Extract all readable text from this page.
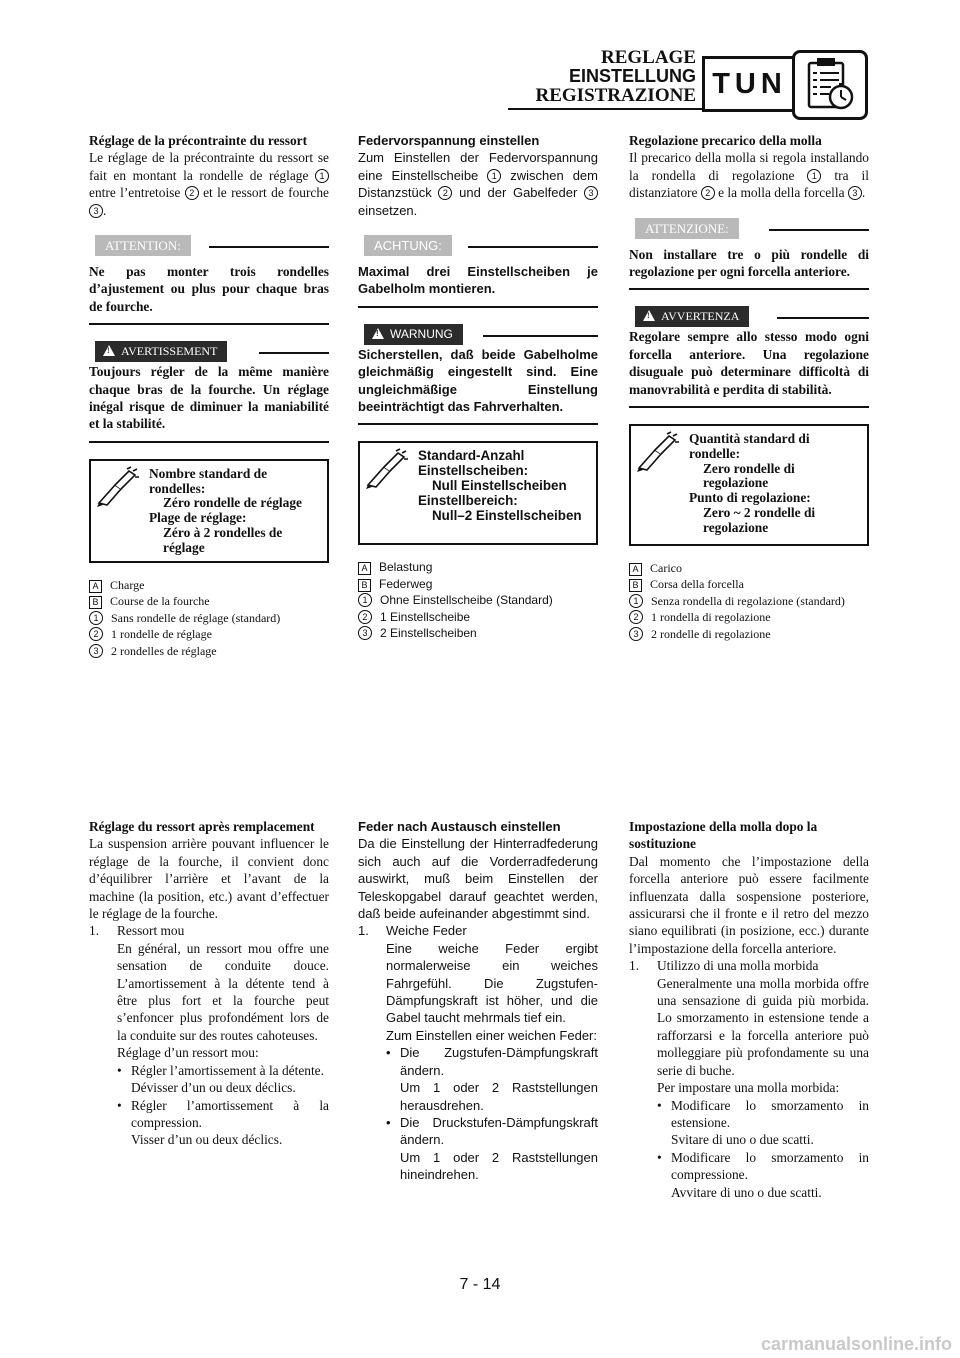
REGLAGE
EINSTELLUNG
REGISTRAZIONE TUN

Réglage de la précontrainte du ressort

Le réglage de la précontrainte du ressort se fait en montant la rondelle de réglage 1 entre l’entretoise 2 et le ressort de fourche 3 .

ATTENTION:

Ne pas monter trois rondelles d’ajustement ou plus pour chaque bras de fourche.

!AVERTISSEMENT

Toujours régler de la même manière chaque bras de la fourche. Un réglage inégal risque de diminuer la maniabilité et la stabilité.

Nombre standard de rondelles:
Zéro rondelle de réglage
Plage de réglage:
Zéro à 2 rondelles de réglage
A Charge
B Course de la fourche
1 Sans rondelle de réglage (standard)
2 1 rondelle de réglage
3 2 rondelles de réglage

Federvorspannung einstellen

Zum Einstellen der Federvorspannung eine Einstellscheibe 1 zwischen dem Distanzstück 2 und der Gabelfeder 3 einsetzen.

ACHTUNG:

Maximal drei Einstellscheiben je Gabelholm montieren.

!WARNUNG

Sicherstellen, daß beide Gabelholme gleichmäßig eingestellt sind. Eine ungleichmäßige Einstellung beeinträchtigt das Fahrverhalten.

Standard-Anzahl Einstellscheiben:
Null Einstellscheiben
Einstellbereich:
Null–2 Einstellscheiben
A Belastung
B Federweg
1 Ohne Einstellscheibe (Standard)
2 1 Einstellscheibe
3 2 Einstellscheiben

Regolazione precarico della molla

Il precarico della molla si regola installando la rondella di regolazione 1 tra il distanziatore 2 e la molla della forcella 3 .

ATTENZIONE:

Non installare tre o più rondelle di regolazione per ogni forcella anteriore.

!AVVERTENZA

Regolare sempre allo stesso modo ogni forcella anteriore. Una regolazione disuguale può determinare difficoltà di manovrabilità e perdita di stabilità.

Quantità standard di rondelle:
Zero rondelle di regolazione
Punto di regolazione:
Zero ~ 2 rondelle di regolazione
A Carico
B Corsa della forcella
1 Senza rondella di regolazione (standard)
2 1 rondella di regolazione
3 2 rondelle di regolazione

Réglage du ressort après remplacement

La suspension arrière pouvant influencer le réglage de la fourche, il convient donc d’équilibrer l’arrière et l’avant de la machine (la position, etc.) avant d’effectuer le réglage de la fourche.

1.	Ressort mou

En général, un ressort mou offre une sensation de conduite douce. L’amortissement à la détente tend à être plus fort et la fourche peut s’enfoncer plus profondément lors de la conduite sur des routes cahoteuses.

Réglage d’un ressort mou:

• Régler l’amortissement à la détente.
Dévisser d’un ou deux déclics.
• Régler l’amortissement à la compression.
Visser d’un ou deux déclics.

Feder nach Austausch einstellen

Da die Einstellung der Hinterradfederung sich auch auf die Vorderradfederung auswirkt, muß beim Einstellen der Teleskopgabel darauf geachtet werden, daß beide aufeinander abgestimmt sind.

1.	Weiche Feder

Eine weiche Feder ergibt normalerweise ein weiches Fahrgefühl. Die Zugstufen-Dämpfungskraft ist höher, und die Gabel taucht mehrmals tief ein.

Zum Einstellen einer weichen Feder:

• Die Zugstufen-Dämpfungskraft ändern.
Um 1 oder 2 Raststellungen herausdrehen.
• Die Druckstufen-Dämpfungskraft ändern.
Um 1 oder 2 Raststellungen hineindrehen.

Impostazione della molla dopo la sostituzione

Dal momento che l’impostazione della forcella anteriore può essere facilmente influenzata dalla sospensione posteriore, assicurarsi che il fronte e il retro del mezzo siano equilibrati (in posizione, ecc.) durante l’impostazione della forcella anteriore.

1.	Utilizzo di una molla morbida

Generalmente una molla morbida offre una sensazione di guida più morbida. Lo smorzamento in estensione tende a rafforzarsi e la forcella anteriore può molleggiare più profondamente su una serie di buche.

Per impostare una molla morbida:

• Modificare lo smorzamento in estensione.
Svitare di uno o due scatti.
• Modificare lo smorzamento in compressione.
Avvitare di uno o due scatti.
7 - 14
carmanualsonline.info
